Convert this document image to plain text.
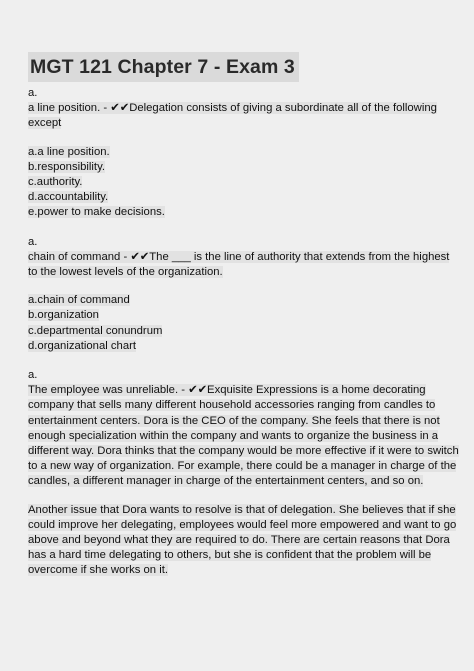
MGT 121 Chapter 7 - Exam 3
a.
a line position. - ✔✔Delegation consists of giving a subordinate all of the following
except
a.a line position.
b.responsibility.
c.authority.
d.accountability.
e.power to make decisions.
a.
chain of command - ✔✔The ___ is the line of authority that extends from the highest
to the lowest levels of the organization.
a.chain of command
b.organization
c.departmental conundrum
d.organizational chart
a.
The employee was unreliable. - ✔✔Exquisite Expressions is a home decorating
company that sells many different household accessories ranging from candles to
entertainment centers. Dora is the CEO of the company. She feels that there is not
enough specialization within the company and wants to organize the business in a
different way. Dora thinks that the company would be more effective if it were to switch
to a new way of organization. For example, there could be a manager in charge of the
candles, a different manager in charge of the entertainment centers, and so on.
Another issue that Dora wants to resolve is that of delegation. She believes that if she
could improve her delegating, employees would feel more empowered and want to go
above and beyond what they are required to do. There are certain reasons that Dora
has a hard time delegating to others, but she is confident that the problem will be
overcome if she works on it.
